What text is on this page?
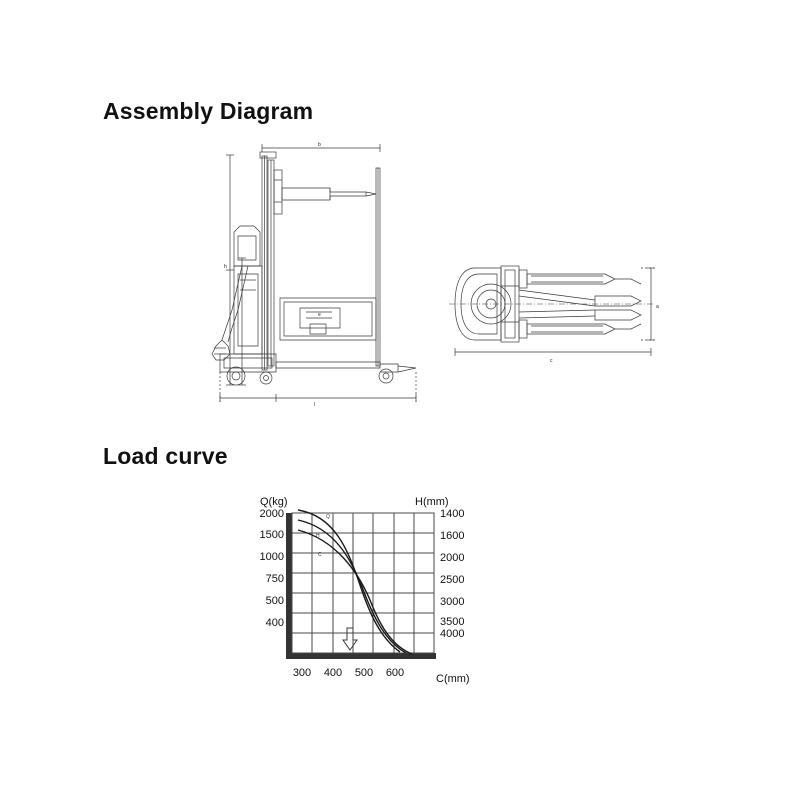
Assembly Diagram
h
l
b
e
c
a
Load curve
Q(kg)	H(mm)
C(mm)
Q
H
C
2000
1500
1000
750
500
400
1400
1600
2000
2500
3000
3500
4000
300 400 500 600
